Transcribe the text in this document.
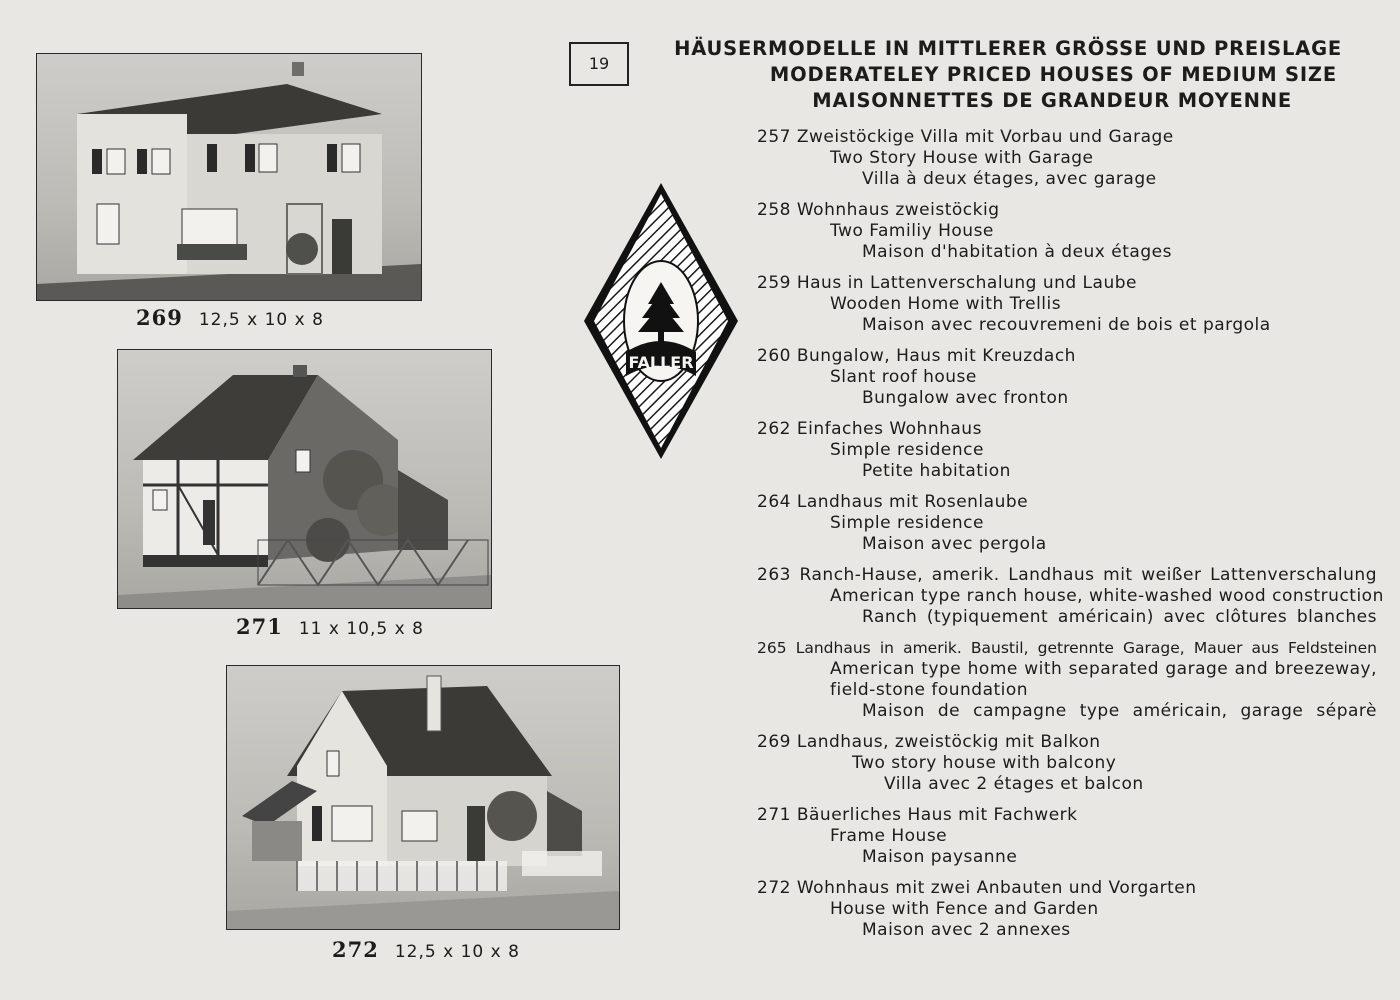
269 12,5 x 10 x 8
271 11 x 10,5 x 8
272 12,5 x 10 x 8
19
FALLER
HÄUSERMODELLE IN MITTLERER GRÖSSE UND PREISLAGE
MODERATELEY PRICED HOUSES OF MEDIUM SIZE
MAISONNETTES DE GRANDEUR MOYENNE
257 Zweistöckige Villa mit Vorbau und Garage
Two Story House with Garage
Villa à deux étages, avec garage
258 Wohnhaus zweistöckig
Two Familiy House
Maison d'habitation à deux étages
259 Haus in Lattenverschalung und Laube
Wooden Home with Trellis
Maison avec recouvremeni de bois et pargola
260 Bungalow, Haus mit Kreuzdach
Slant roof house
Bungalow avec fronton
262 Einfaches Wohnhaus
Simple residence
Petite habitation
264 Landhaus mit Rosenlaube
Simple residence
Maison avec pergola
263 Ranch-Hause, amerik. Landhaus mit weißer Lattenverschalung
American type ranch house, white-washed wood construction
Ranch (typiquement américain) avec clôtures blanches
265 Landhaus in amerik. Baustil, getrennte Garage, Mauer aus Feldsteinen
American type home with separated garage and breezeway,
field-stone foundation
Maison de campagne type américain, garage séparè
269 Landhaus, zweistöckig mit Balkon
Two story house with balcony
Villa avec 2 étages et balcon
271 Bäuerliches Haus mit Fachwerk
Frame House
Maison paysanne
272 Wohnhaus mit zwei Anbauten und Vorgarten
House with Fence and Garden
Maison avec 2 annexes
